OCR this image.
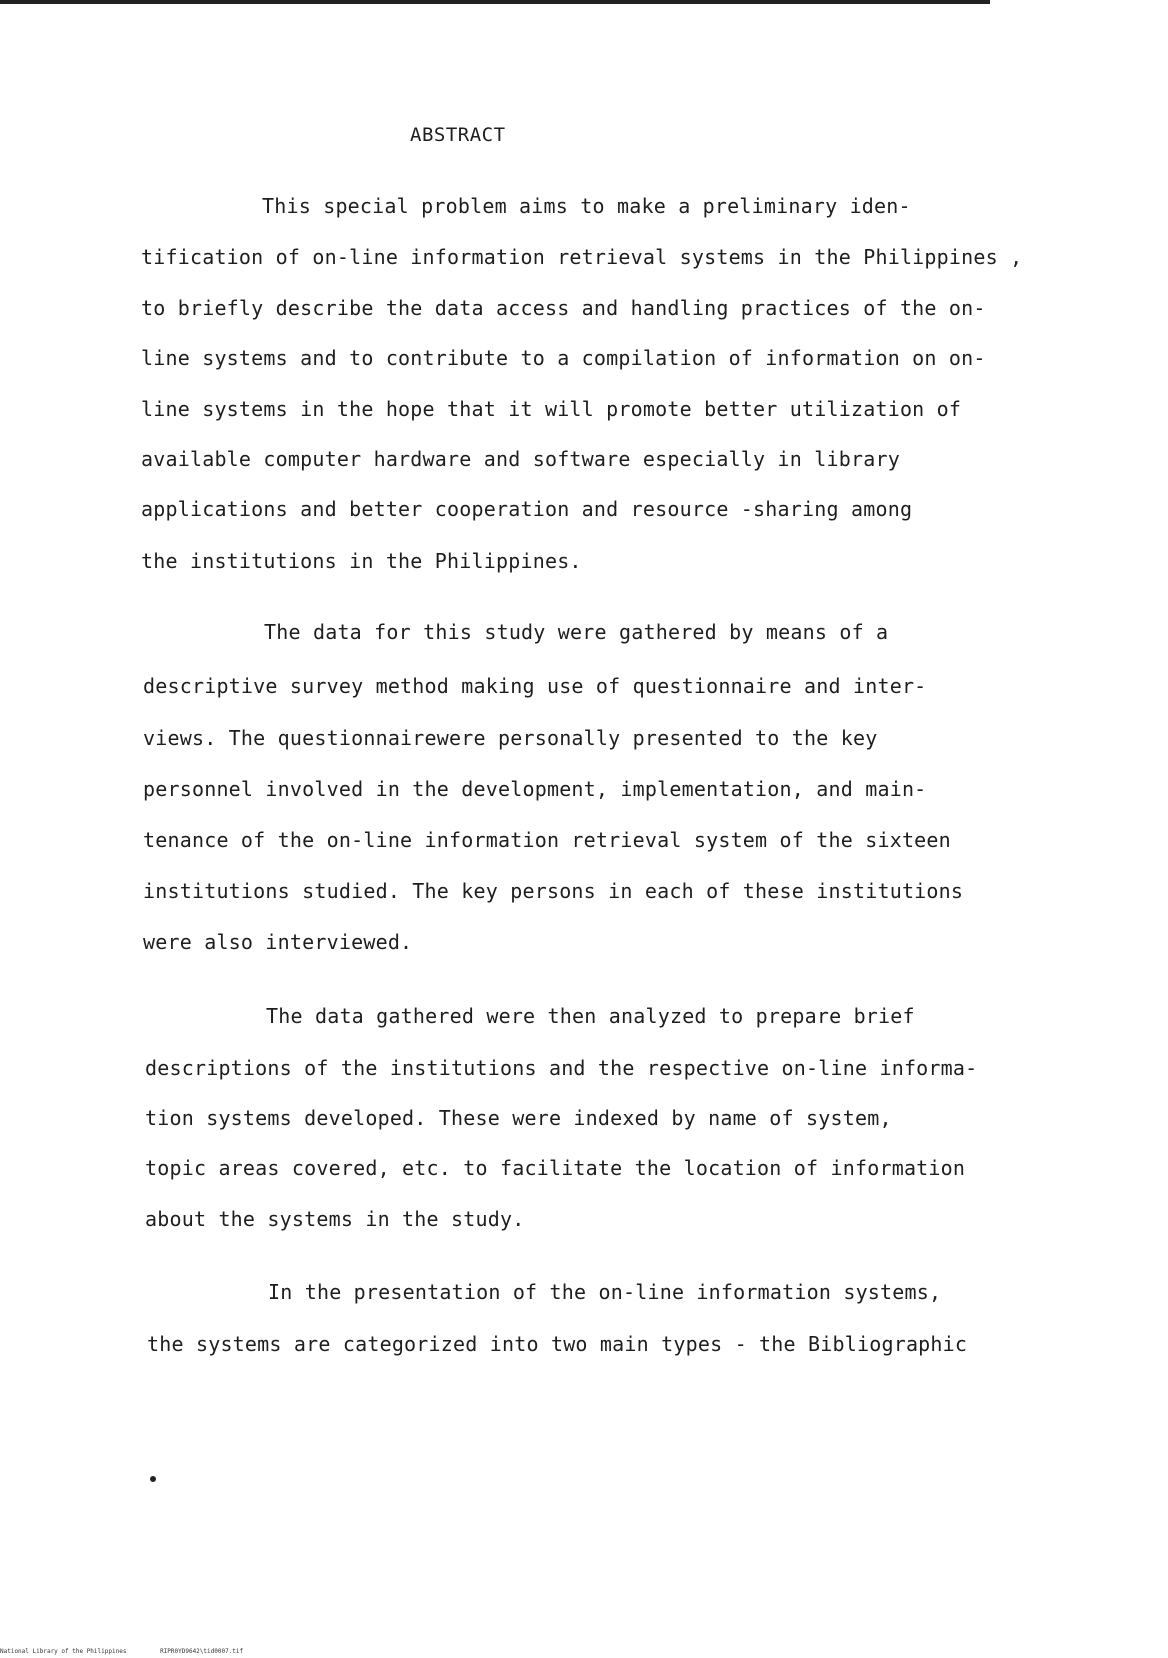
ABSTRACT
This special problem aims to make a preliminary iden-
tification of on-line information retrieval systems in the Philippines ,
to briefly describe the data access and handling practices of the on-
line systems and to contribute to a compilation of information on on-
line systems in the hope that it will promote better utilization of
available computer hardware and software especially in library
applications and better cooperation and resource -sharing among
the institutions in the Philippines.
The data for this study were gathered by means of a
descriptive survey method making use of questionnaire and inter-
views. The questionnairewere personally presented to the key
personnel involved in the development, implementation, and main-
tenance of the on-line information retrieval system of the sixteen
institutions studied. The key persons in each of these institutions
were also interviewed.
The data gathered were then analyzed to prepare brief
descriptions of the institutions and the respective on-line informa-
tion systems developed. These were indexed by name of system,
topic areas covered, etc. to facilitate the location of information
about the systems in the study.
In the presentation of the on-line information systems,
the systems are categorized into two main types - the Bibliographic
National Library of the Philippines	RIPR0YD9642\tid0007.tif
